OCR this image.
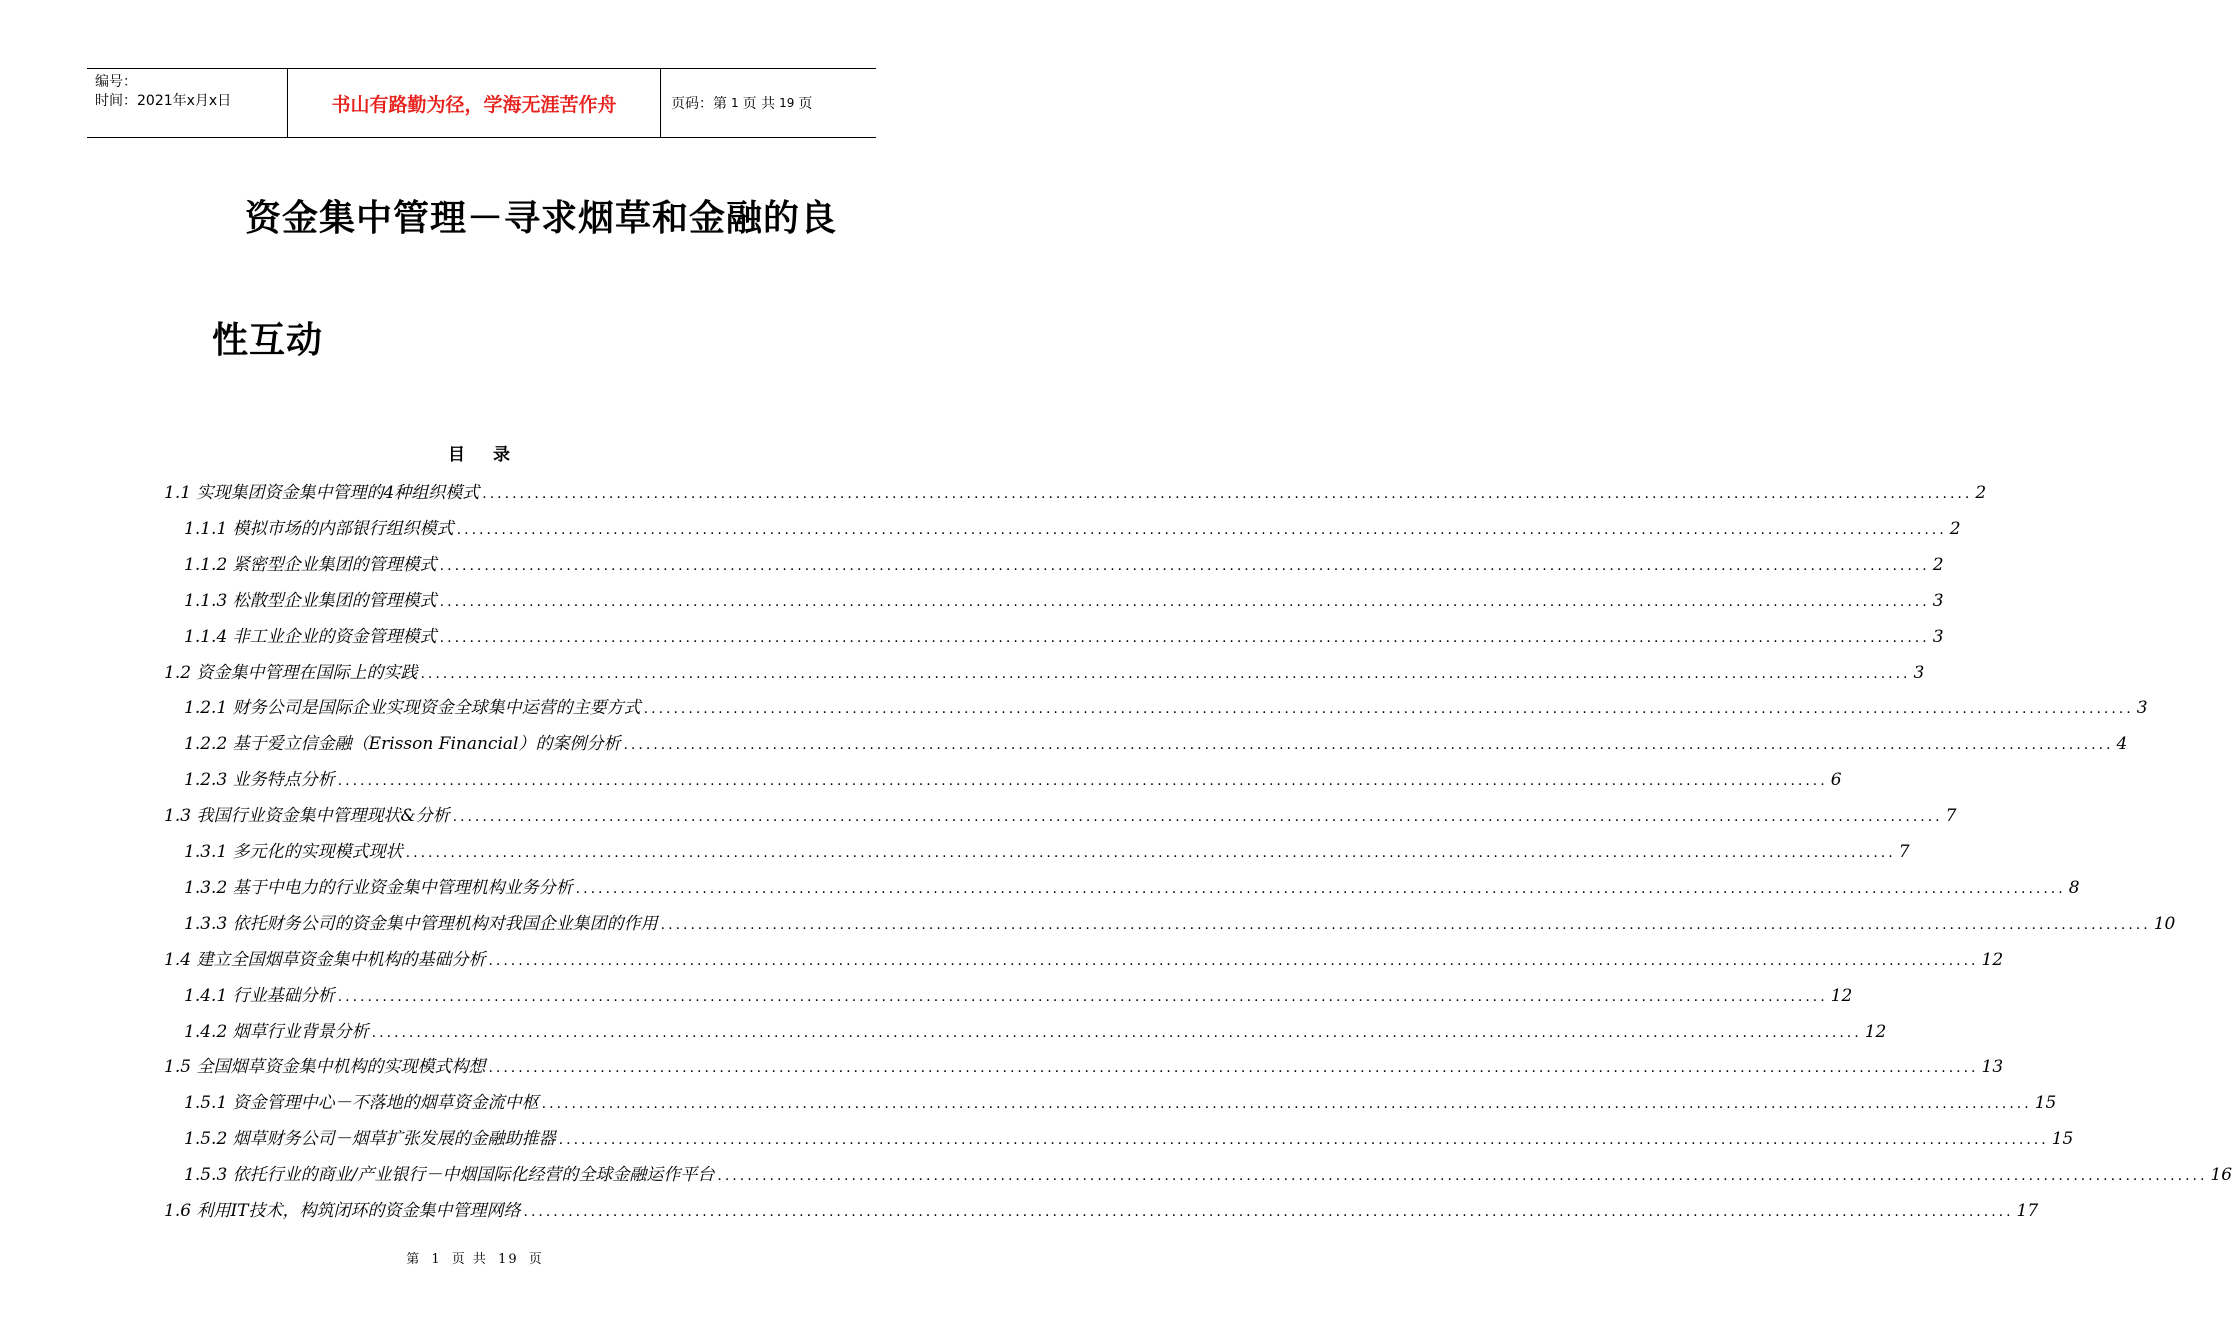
编号：
时间：2021年x月x日	书山有路勤为径，学海无涯苦作舟	页码：第 1 页 共 19 页
资金集中管理－寻求烟草和金融的良
性互动
目录
1.1 实现集团资金集中管理的4种组织模式 ........................................................................................................................................................................................................ 2
1.1.1 模拟市场的内部银行组织模式 ........................................................................................................................................................................................................ 2
1.1.2 紧密型企业集团的管理模式 ........................................................................................................................................................................................................ 2
1.1.3 松散型企业集团的管理模式 ........................................................................................................................................................................................................ 3
1.1.4 非工业企业的资金管理模式 ........................................................................................................................................................................................................ 3
1.2 资金集中管理在国际上的实践 ........................................................................................................................................................................................................ 3
1.2.1 财务公司是国际企业实现资金全球集中运营的主要方式 ........................................................................................................................................................................................................ 3
1.2.2 基于爱立信金融（Erisson Financial）的案例分析 ........................................................................................................................................................................................................ 4
1.2.3 业务特点分析 ........................................................................................................................................................................................................ 6
1.3 我国行业资金集中管理现状&分析 ........................................................................................................................................................................................................ 7
1.3.1 多元化的实现模式现状 ........................................................................................................................................................................................................ 7
1.3.2 基于中电力的行业资金集中管理机构业务分析 ........................................................................................................................................................................................................ 8
1.3.3 依托财务公司的资金集中管理机构对我国企业集团的作用 ........................................................................................................................................................................................................ 10
1.4 建立全国烟草资金集中机构的基础分析 ........................................................................................................................................................................................................ 12
1.4.1 行业基础分析 ........................................................................................................................................................................................................ 12
1.4.2 烟草行业背景分析 ........................................................................................................................................................................................................ 12
1.5 全国烟草资金集中机构的实现模式构想 ........................................................................................................................................................................................................ 13
1.5.1 资金管理中心－不落地的烟草资金流中枢 ........................................................................................................................................................................................................ 15
1.5.2 烟草财务公司－烟草扩张发展的金融助推器 ........................................................................................................................................................................................................ 15
1.5.3 依托行业的商业/产业银行－中烟国际化经营的全球金融运作平台 ........................................................................................................................................................................................................ 16
1.6 利用IT技术，构筑闭环的资金集中管理网络 ........................................................................................................................................................................................................ 17
第 1 页 共 19 页
